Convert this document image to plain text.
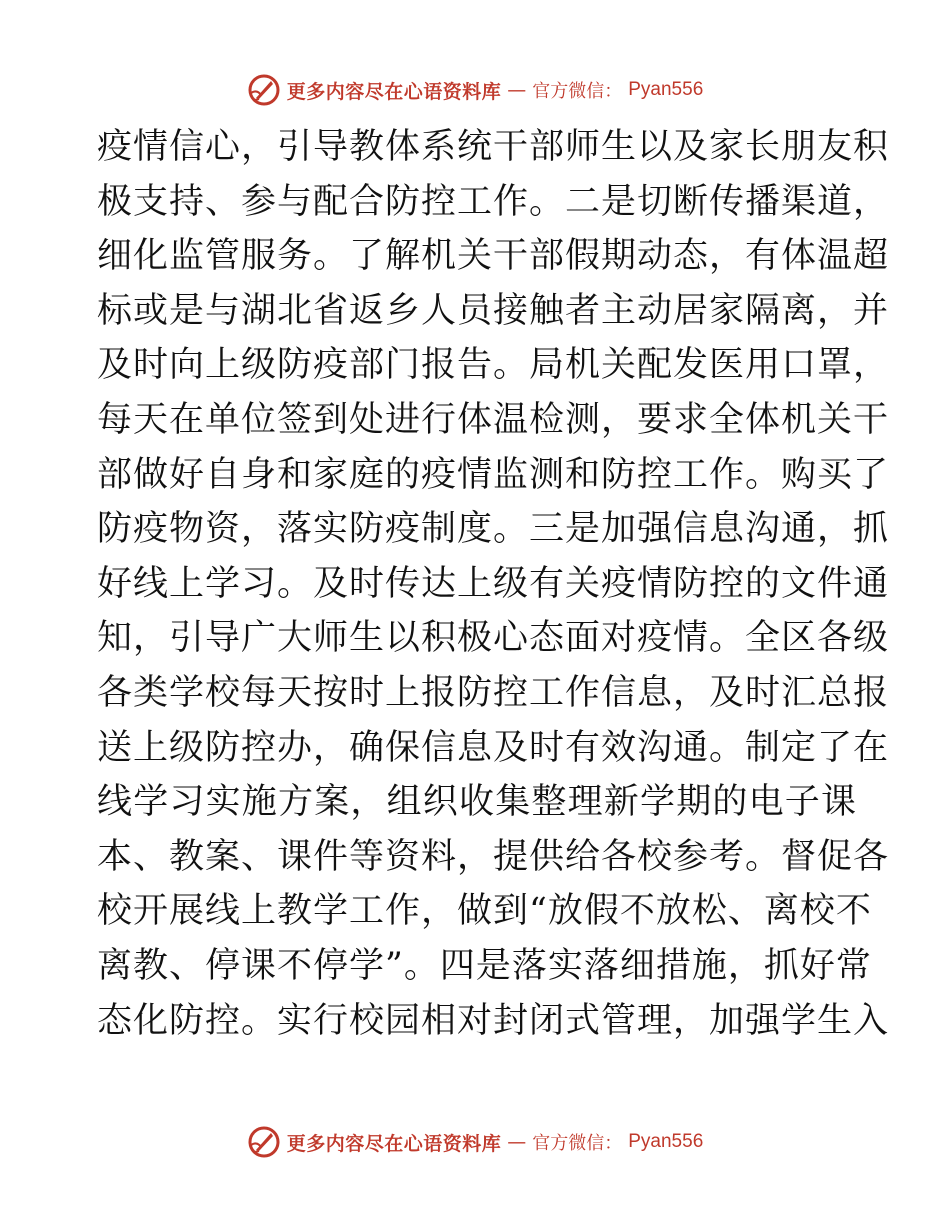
更多内容尽在心语资料库 — 官方微信： Pyan556
疫情信心，引导教体系统干部师生以及家长朋友积
极支持、参与配合防控工作。二是切断传播渠道，
细化监管服务。了解机关干部假期动态，有体温超
标或是与湖北省返乡人员接触者主动居家隔离，并
及时向上级防疫部门报告。局机关配发医用口罩，
每天在单位签到处进行体温检测，要求全体机关干
部做好自身和家庭的疫情监测和防控工作。购买了
防疫物资，落实防疫制度。三是加强信息沟通，抓
好线上学习。及时传达上级有关疫情防控的文件通
知，引导广大师生以积极心态面对疫情。全区各级
各类学校每天按时上报防控工作信息，及时汇总报
送上级防控办，确保信息及时有效沟通。制定了在
线学习实施方案，组织收集整理新学期的电子课
本、教案、课件等资料，提供给各校参考。督促各
校开展线上教学工作，做到“放假不放松、离校不
离教、停课不停学”。四是落实落细措施，抓好常
态化防控。实行校园相对封闭式管理，加强学生入
更多内容尽在心语资料库 — 官方微信： Pyan556
